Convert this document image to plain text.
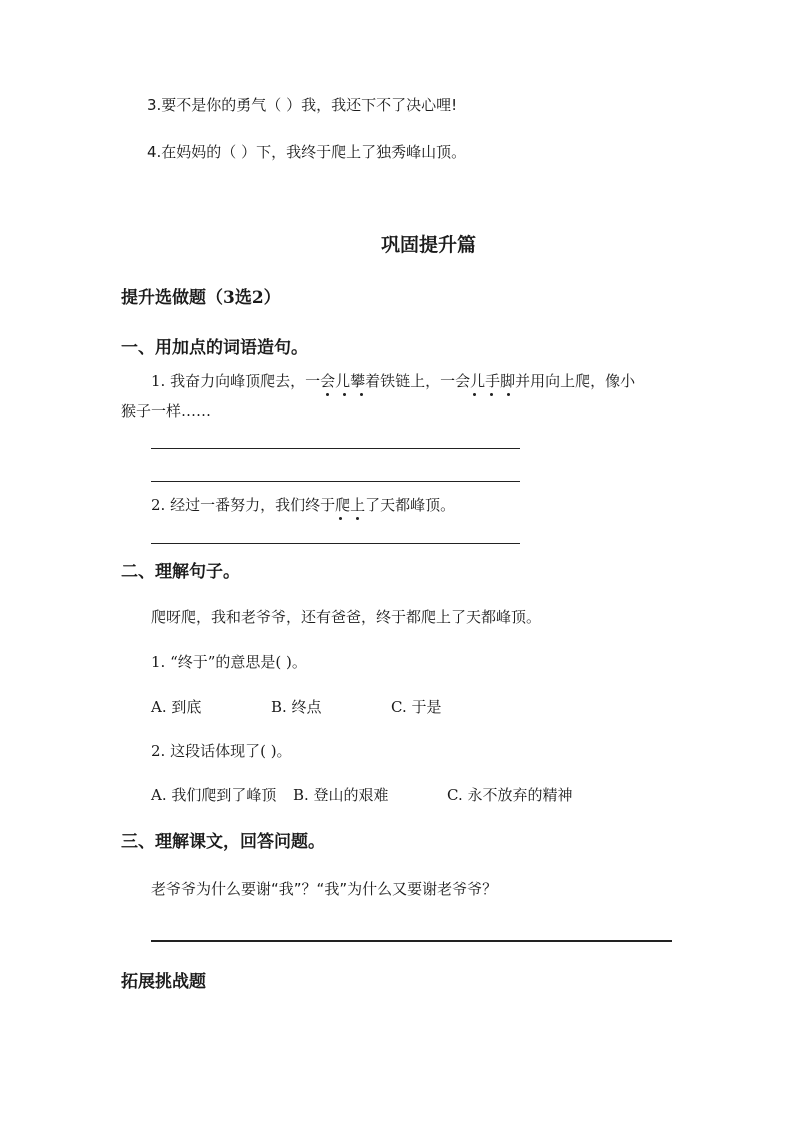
3.要不是你的勇气（ ）我，我还下不了决心哩!
4.在妈妈的（ ）下，我终于爬上了独秀峰山顶。
巩固提升篇
提升选做题（3选2）
一、用加点的词语造句。
1. 我奋力向峰顶爬去，一会儿攀着铁链上，一会儿手脚并用向上爬，像小
猴子一样……
2. 经过一番努力，我们终于爬上了天都峰顶。
二、理解句子。
爬呀爬，我和老爷爷，还有爸爸，终于都爬上了天都峰顶。
1. “终于”的意思是( )。
A. 到底	B. 终点	C. 于是
2. 这段话体现了( )。
A. 我们爬到了峰顶 B. 登山的艰难	C. 永不放弃的精神
三、理解课文，回答问题。
老爷爷为什么要谢“我”？“我”为什么又要谢老爷爷？
拓展挑战题
